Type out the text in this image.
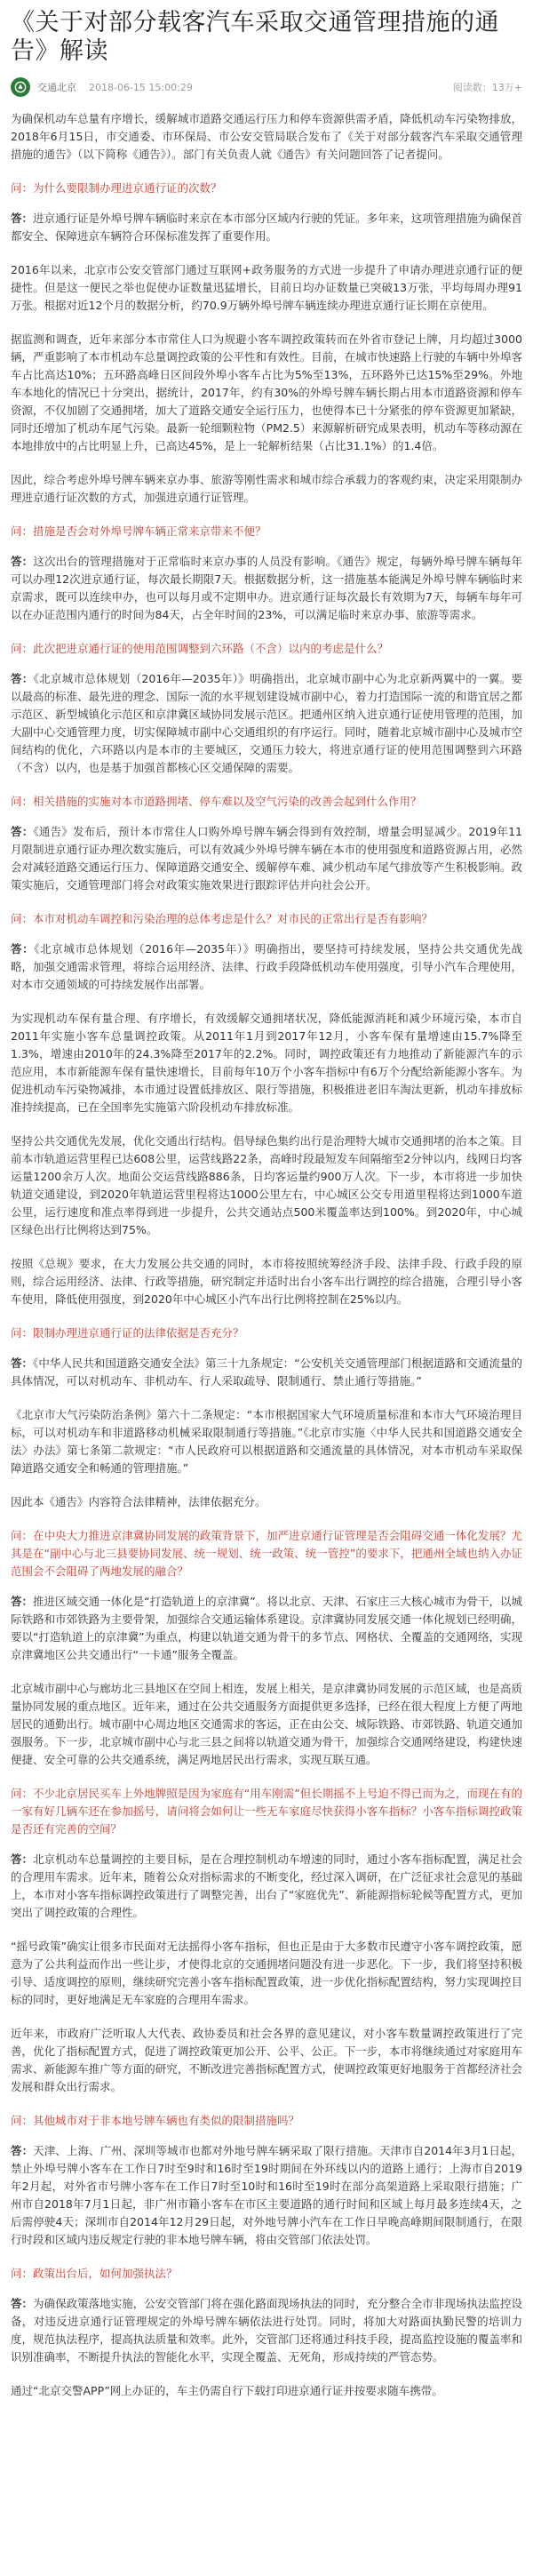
《关于对部分载客汽车采取交通管理措施的通告》解读
交通北京 2018-06-15 15:00:29	阅读数：13万+

为确保机动车总量有序增长，缓解城市道路交通运行压力和停车资源供需矛盾，降低机动车污染物排放，2018年6月15日，市交通委、市环保局、市公安交管局联合发布了《关于对部分载客汽车采取交通管理措施的通告》（以下简称《通告》）。部门有关负责人就《通告》有关问题回答了记者提问。

问：为什么要限制办理进京通行证的次数？

答：进京通行证是外埠号牌车辆临时来京在本市部分区域内行驶的凭证。多年来，这项管理措施为确保首都安全、保障进京车辆符合环保标准发挥了重要作用。

2016年以来，北京市公安交管部门通过互联网+政务服务的方式进一步提升了申请办理进京通行证的便捷性。但是这一便民之举也促使办证数量迅猛增长，目前日均办证数量已突破13万张，平均每周办理91万张。根据对近12个月的数据分析，约70.9万辆外埠号牌车辆连续办理进京通行证长期在京使用。

据监测和调查，近年来部分本市常住人口为规避小客车调控政策转而在外省市登记上牌，月均超过3000辆，严重影响了本市机动车总量调控政策的公平性和有效性。目前，在城市快速路上行驶的车辆中外埠客车占比高达10%；五环路高峰日区间段外埠小客车占比为5%至13%，五环路外已达15%至29%。外地车本地化的情况已十分突出，据统计，2017年，约有30%的外埠号牌车辆长期占用本市道路资源和停车资源，不仅加剧了交通拥堵，加大了道路交通安全运行压力，也使得本已十分紧张的停车资源更加紧缺，同时还增加了机动车尾气污染。最新一轮细颗粒物（PM2.5）来源解析研究成果表明，机动车等移动源在本地排放中的占比明显上升，已高达45%，是上一轮解析结果（占比31.1%）的1.4倍。

因此，综合考虑外埠号牌车辆来京办事、旅游等刚性需求和城市综合承载力的客观约束，决定采用限制办理进京通行证次数的方式，加强进京通行证管理。

问：措施是否会对外埠号牌车辆正常来京带来不便？

答：这次出台的管理措施对于正常临时来京办事的人员没有影响。《通告》规定，每辆外埠号牌车辆每年可以办理12次进京通行证，每次最长期限7天。根据数据分析，这一措施基本能满足外埠号牌车辆临时来京需求，既可以连续申办，也可以每月或不定期申办。进京通行证每次最长有效期为7天，每辆车每年可以在办证范围内通行的时间为84天，占全年时间的23%，可以满足临时来京办事、旅游等需求。

问：此次把进京通行证的使用范围调整到六环路（不含）以内的考虑是什么？

答：《北京城市总体规划（2016年—2035年）》明确指出，北京城市副中心为北京新两翼中的一翼。要以最高的标准、最先进的理念、国际一流的水平规划建设城市副中心，着力打造国际一流的和谐宜居之都示范区、新型城镇化示范区和京津冀区域协同发展示范区。把通州区纳入进京通行证使用管理的范围，加大副中心交通管理力度，切实保障城市副中心交通组织的有序运行。同时，随着北京城市副中心及城市空间结构的优化，六环路以内是本市的主要城区，交通压力较大，将进京通行证的使用范围调整到六环路（不含）以内，也是基于加强首都核心区交通保障的需要。

问：相关措施的实施对本市道路拥堵、停车难以及空气污染的改善会起到什么作用？

答：《通告》发布后，预计本市常住人口购外埠号牌车辆会得到有效控制，增量会明显减少。2019年11月限制进京通行证办理次数实施后，可以有效减少外埠号牌车辆在本市的使用强度和道路资源占用，必然会对减轻道路交通运行压力、保障道路交通安全、缓解停车难、减少机动车尾气排放等产生积极影响。政策实施后，交通管理部门将会对政策实施效果进行跟踪评估并向社会公开。

问：本市对机动车调控和污染治理的总体考虑是什么？对市民的正常出行是否有影响？

答：《北京城市总体规划（2016年—2035年）》明确指出，要坚持可持续发展，坚持公共交通优先战略，加强交通需求管理，将综合运用经济、法律、行政手段降低机动车使用强度，引导小汽车合理使用，对本市交通领域的可持续发展作出部署。

为实现机动车保有量合理、有序增长，有效缓解交通拥堵状况，降低能源消耗和减少环境污染，本市自2011年实施小客车总量调控政策。从2011年1月到2017年12月，小客车保有量增速由15.7%降至1.3%，增速由2010年的24.3%降至2017年的2.2%。同时，调控政策还有力地推动了新能源汽车的示范应用，本市新能源车保有量快速增长，目前每年10万个小客车指标中有6万个分配给新能源小客车。为促进机动车污染物减排，本市通过设置低排放区、限行等措施，积极推进老旧车淘汰更新，机动车排放标准持续提高，已在全国率先实施第六阶段机动车排放标准。

坚持公共交通优先发展，优化交通出行结构。倡导绿色集约出行是治理特大城市交通拥堵的治本之策。目前本市轨道运营里程已达608公里，运营线路22条，高峰时段最短发车间隔缩至2分钟以内，线网日均客运量1200余万人次。地面公交运营线路886条，日均客运量约900万人次。下一步，本市将进一步加快轨道交通建设，到2020年轨道运营里程将达1000公里左右，中心城区公交专用道里程将达到1000车道公里，运行速度和准点率得到进一步提升，公共交通站点500米覆盖率达到100%。到2020年，中心城区绿色出行比例将达到75%。

按照《总规》要求，在大力发展公共交通的同时，本市将按照统筹经济手段、法律手段、行政手段的原则，综合运用经济、法律、行政等措施，研究制定并适时出台小客车出行调控的综合措施，合理引导小客车使用，降低使用强度，到2020年中心城区小汽车出行比例将控制在25%以内。

问：限制办理进京通行证的法律依据是否充分？

答：《中华人民共和国道路交通安全法》第三十九条规定：“公安机关交通管理部门根据道路和交通流量的具体情况，可以对机动车、非机动车、行人采取疏导、限制通行、禁止通行等措施。”

《北京市大气污染防治条例》第六十二条规定：“本市根据国家大气环境质量标准和本市大气环境治理目标，可以对机动车和非道路移动机械采取限制通行等措施。”《北京市实施〈中华人民共和国道路交通安全法〉办法》第七条第二款规定：“市人民政府可以根据道路和交通流量的具体情况，对本市机动车采取保障道路交通安全和畅通的管理措施。”

因此本《通告》内容符合法律精神，法律依据充分。

问：在中央大力推进京津冀协同发展的政策背景下，加严进京通行证管理是否会阻碍交通一体化发展？尤其是在“副中心与北三县要协同发展、统一规划、统一政策、统一管控”的要求下，把通州全域也纳入办证范围会不会阻碍了两地发展的融合？

答：推进区域交通一体化是“打造轨道上的京津冀”。将以北京、天津、石家庄三大核心城市为骨干，以城际铁路和市郊铁路为主要骨架，加强综合交通运输体系建设。京津冀协同发展交通一体化规划已经明确，要以“打造轨道上的京津冀”为重点，构建以轨道交通为骨干的多节点、网格状、全覆盖的交通网络，实现京津冀地区公共交通出行“一卡通”服务全覆盖。

北京城市副中心与廊坊北三县地区在空间上相连，发展上相关，是京津冀协同发展的示范区域，也是高质量协同发展的重点地区。近年来，通过在公共交通服务方面提供更多选择，已经在很大程度上方便了两地居民的通勤出行。城市副中心周边地区交通需求的客运，正在由公交、城际铁路、市郊铁路、轨道交通加强服务。下一步，北京城市副中心与北三县之间将以轨道交通为骨干，加强综合交通网络建设，构建快速便捷、安全可靠的公共交通系统，满足两地居民出行需求，实现互联互通。

问：不少北京居民买车上外地牌照是因为家庭有“用车刚需”但长期摇不上号迫不得已而为之，而现在有的一家有好几辆车还在参加摇号，请问将会如何让一些无车家庭尽快获得小客车指标？小客车指标调控政策是否还有完善的空间？

答：北京机动车总量调控的主要目标，是在合理控制机动车增速的同时，通过小客车指标配置，满足社会的合理用车需求。近年来，随着公众对指标需求的不断变化，经过深入调研，在广泛征求社会意见的基础上，本市对小客车指标调控政策进行了调整完善，出台了“家庭优先”、新能源指标轮候等配置方式，更加突出了调控政策的合理性。

“摇号政策”确实让很多市民面对无法摇得小客车指标，但也正是由于大多数市民遵守小客车调控政策，愿意为了公共利益而作出一些让步，才使得北京的交通拥堵问题没有进一步恶化。下一步，我们将坚持积极引导、适度调控的原则，继续研究完善小客车指标配置政策，进一步优化指标配置结构，努力实现调控目标的同时，更好地满足无车家庭的合理用车需求。

近年来，市政府广泛听取人大代表、政协委员和社会各界的意见建议，对小客车数量调控政策进行了完善，优化了指标配置方式，促进了调控政策更加公开、公平、公正。下一步，本市将继续通过对家庭用车需求、新能源车推广等方面的研究，不断改进完善指标配置方式，使调控政策更好地服务于首都经济社会发展和群众出行需求。

问：其他城市对于非本地号牌车辆也有类似的限制措施吗？

答：天津、上海、广州、深圳等城市也都对外地号牌车辆采取了限行措施。天津市自2014年3月1日起，禁止外埠号牌小客车在工作日7时至9时和16时至19时期间在外环线以内的道路上通行；上海市自2019年2月起，对外省市号牌小客车在工作日7时至10时和16时至19时在部分高架道路上采取限行措施；广州市自2018年7月1日起，非广州市籍小客车在市区主要道路的通行时间和区域上每月最多连续4天，之后需停驶4天；深圳市自2014年12月29日起，对外地号牌小汽车在工作日早晚高峰期间限制通行，在限行时段和区域内违反规定行驶的非本地号牌车辆，将由交管部门依法处罚。

问：政策出台后，如何加强执法？

答：为确保政策落地实施，公安交管部门将在强化路面现场执法的同时，充分整合全市非现场执法监控设备，对违反进京通行证管理规定的外埠号牌车辆依法进行处罚。同时，将加大对路面执勤民警的培训力度，规范执法程序，提高执法质量和效率。此外，交管部门还将通过科技手段，提高监控设施的覆盖率和识别准确率，不断提升执法的智能化水平，实现全覆盖、无死角，形成持续的严管态势。

通过“北京交警APP”网上办证的，车主仍需自行下载打印进京通行证并按要求随车携带。
